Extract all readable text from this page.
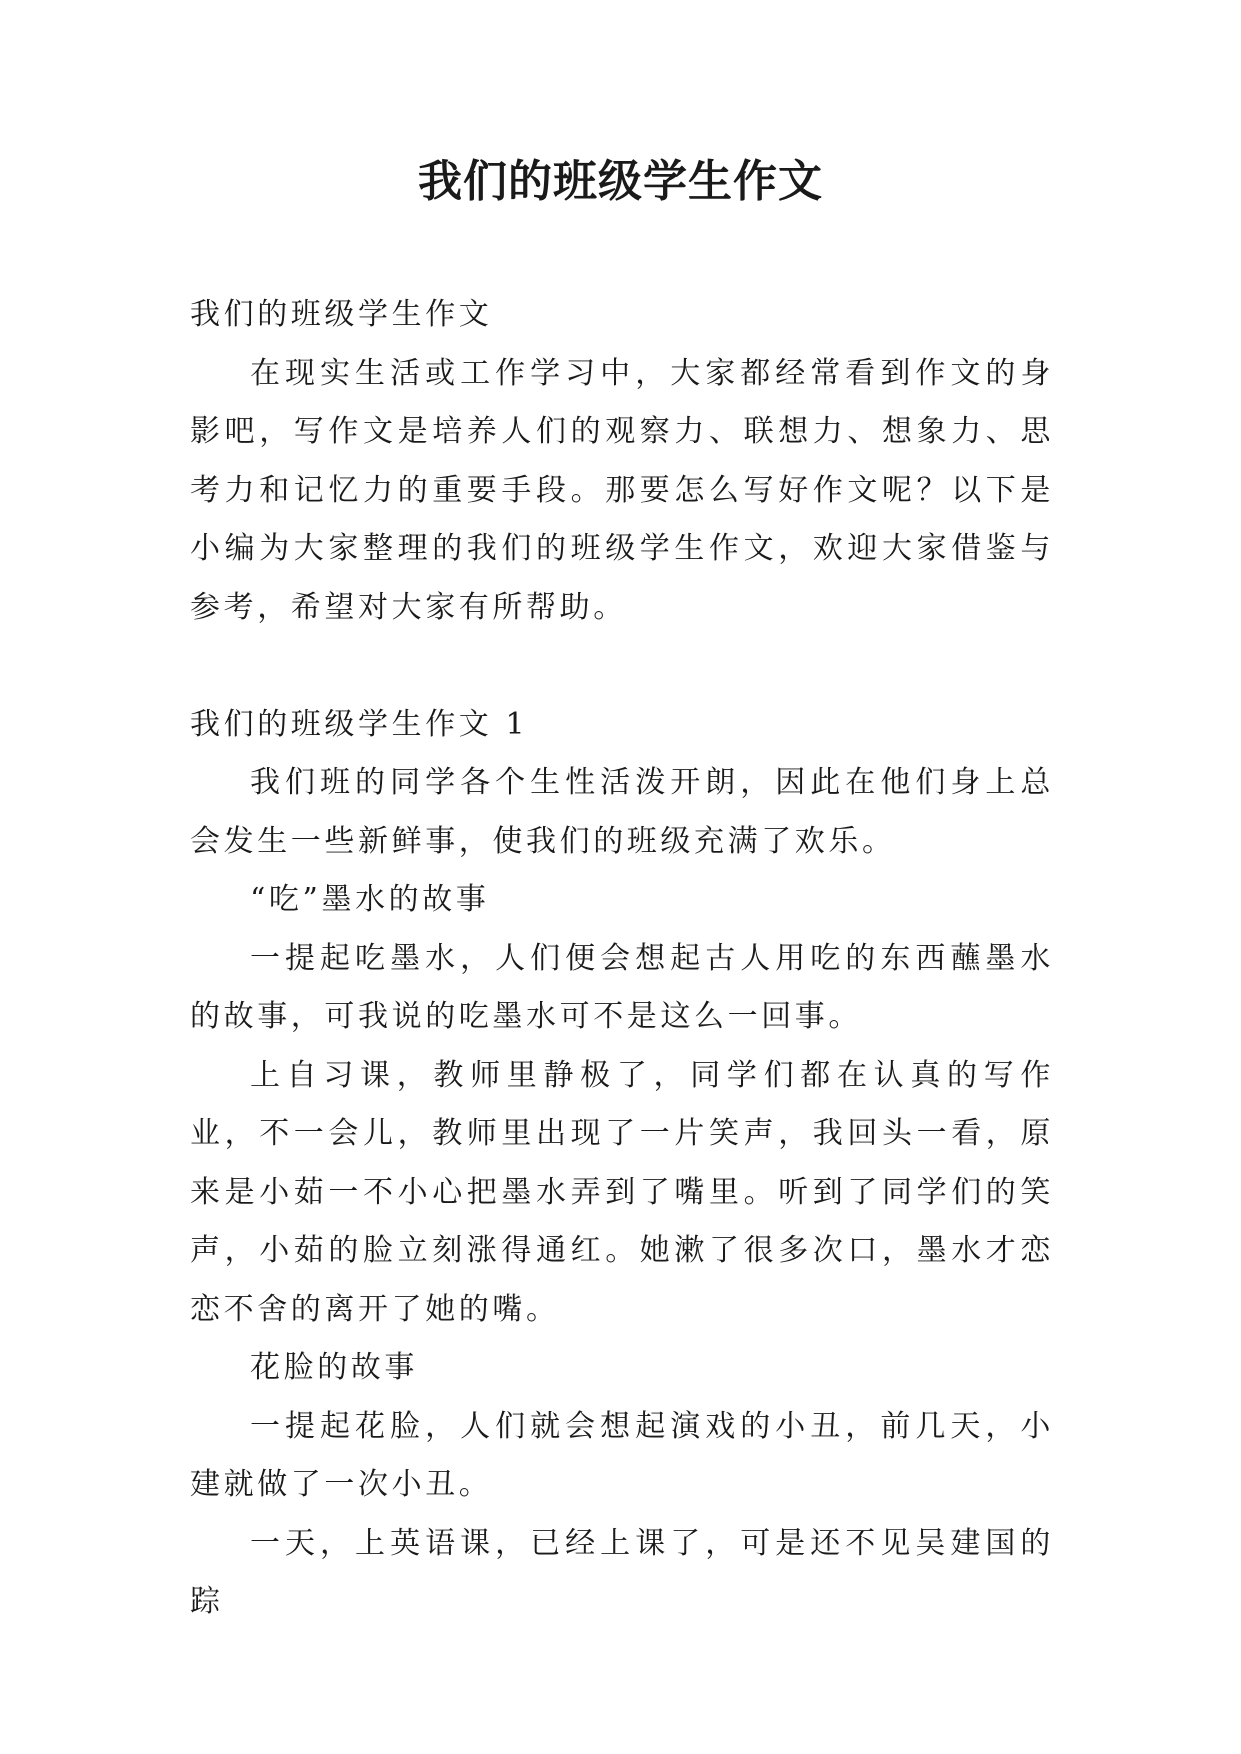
我们的班级学生作文

我们的班级学生作文

在现实生活或工作学习中，大家都经常看到作文的身影吧，写作文是培养人们的观察力、联想力、想象力、思考力和记忆力的重要手段。那要怎么写好作文呢？以下是小编为大家整理的我们的班级学生作文，欢迎大家借鉴与参考，希望对大家有所帮助。

我们的班级学生作文 1

我们班的同学各个生性活泼开朗，因此在他们身上总会发生一些新鲜事，使我们的班级充满了欢乐。

“吃”墨水的故事

一提起吃墨水，人们便会想起古人用吃的东西蘸墨水的故事，可我说的吃墨水可不是这么一回事。

上自习课，教师里静极了，同学们都在认真的写作业，不一会儿，教师里出现了一片笑声，我回头一看，原来是小茹一不小心把墨水弄到了嘴里。听到了同学们的笑声，小茹的脸立刻涨得通红。她漱了很多次口，墨水才恋恋不舍的离开了她的嘴。

花脸的故事

一提起花脸，人们就会想起演戏的小丑，前几天，小建就做了一次小丑。

一天，上英语课，已经上课了，可是还不见吴建国的踪
